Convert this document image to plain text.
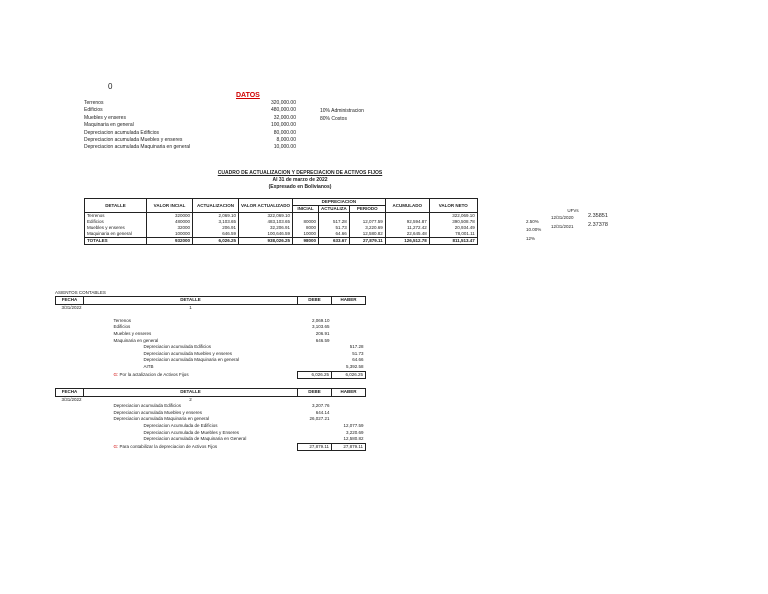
0
DATOS
Terrenos	320,000.00
Edificios	480,000.00
Muebles y enseres	32,000.00
Maquinaria en general	100,000.00
Depreciacion acumulada Edificios	80,000.00
Depreciacion acumulada Muebles y enseres	8,000.00
Depreciacion acumulada Maquinaria en general	10,000.00
10% Administracion
80% Costos
CUADRO DE ACTUALIZACION Y DEPRECIACION DE ACTIVOS FIJOS
Al 31 de marzo de 2022
(Expresado en Bolivianos)
DETALLE	VALOR INCIAL	ACTUALIZACION	VALOR ACTUALIZADO	DEPRECIACION			ACUMULADO	VALOR NETO
				INICIAL	ACTUALIZA	PERIODO		
Terrenos	320000	2,069.10	322,069.10					322,069.10
Edificios	480000	3,103.65	483,103.65	80000	517.28	12,077.59	92,594.87	390,508.78
Muebles y enseres	32000	206.91	32,206.91	8000	51.73	3,220.69	11,272.42	20,934.49
Maquinaria en general	100000	646.59	100,646.59	10000	64.66	12,580.82	22,645.48	78,001.11
TOTALES	932000	6,026.25	938,026.25	98000	633.67	27,879.11	126,512.78	811,513.47
2.50%
10.00%
12%
UFVs
12/31/2020	2.35851
12/31/2021	2.37378
ASIENTOS CONTABLES
FECHA	DETALLE	DEBE	HABER
3/31/2022	1		

	Terrenos	2,069.10	
	Edificios	3,103.65	
	Muebles y enseres	206.91	
	Maquinaria en general	646.59	
	Depreciacion acumulada Edificios		517.28
	Depreciacion acumulada Muebles y enseres		51.73
	Depreciacion acumulada Maquinaria en general		64.66
	AITB		5,392.58
	G: Por la actalizacion de Activos Fijos	6,026.25	6,026.25
FECHA	DETALLE	DEBE	HABER
3/31/2022	2		
	Depreciacion acumulada Edificios	3,207.76	
	Depreciacion acumulada Muebles y enseres	644.14	
	Depreciacion acumulada Maquinaria en general	26,027.21	
	Depreciacion Acumulada de Edificios		12,077.59
	Depreciacion Acumulada de Muebles y Enseres		3,220.69
	Depreciacion acumulada de Maquinaria en General		12,580.82
	G: Para contabilizar la depreciacion de Activos Fijos	27,879.11	27,879.11
